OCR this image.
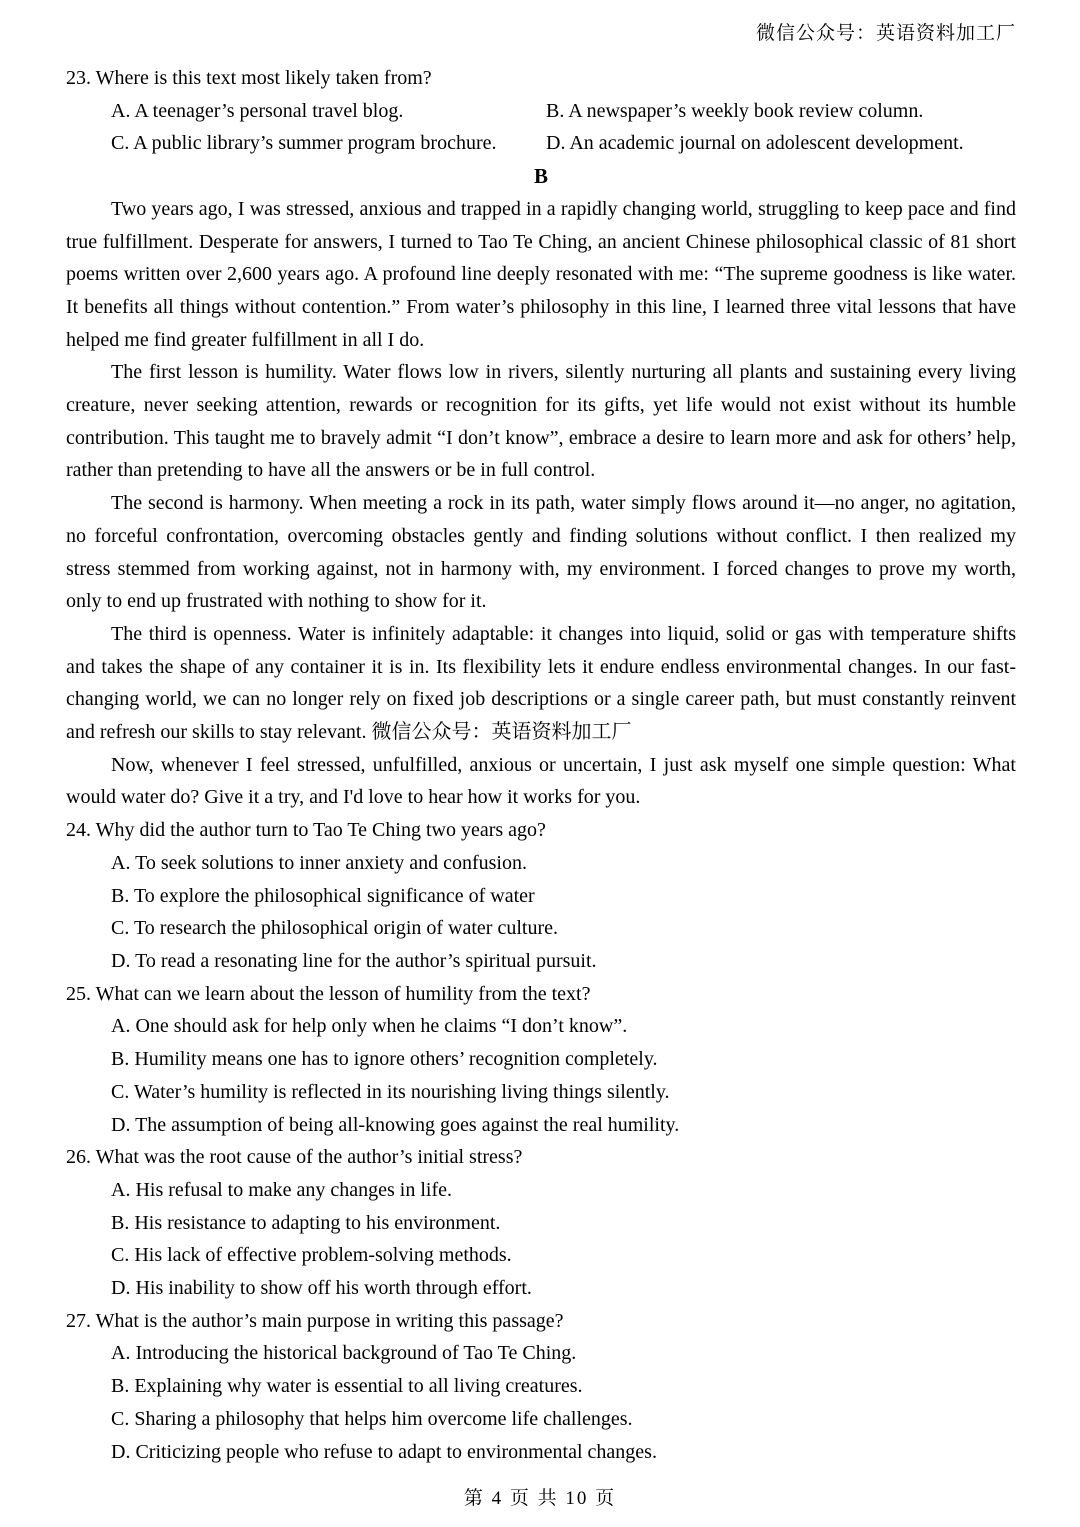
微信公众号：英语资料加工厂
23. Where is this text most likely taken from?
A. A teenager’s personal travel blog.	B. A newspaper’s weekly book review column.
C. A public library’s summer program brochure.	D. An academic journal on adolescent development.
B

Two years ago, I was stressed, anxious and trapped in a rapidly changing world, struggling to keep pace and find true fulfillment. Desperate for answers, I turned to Tao Te Ching, an ancient Chinese philosophical classic of 81 short poems written over 2,600 years ago. A profound line deeply resonated with me: “The supreme goodness is like water. It benefits all things without contention.” From water’s philosophy in this line, I learned three vital lessons that have helped me find greater fulfillment in all I do.

The first lesson is humility. Water flows low in rivers, silently nurturing all plants and sustaining every living creature, never seeking attention, rewards or recognition for its gifts, yet life would not exist without its humble contribution. This taught me to bravely admit “I don’t know”, embrace a desire to learn more and ask for others’ help, rather than pretending to have all the answers or be in full control.

The second is harmony. When meeting a rock in its path, water simply flows around it—no anger, no agitation, no forceful confrontation, overcoming obstacles gently and finding solutions without conflict. I then realized my stress stemmed from working against, not in harmony with, my environment. I forced changes to prove my worth, only to end up frustrated with nothing to show for it.

The third is openness. Water is infinitely adaptable: it changes into liquid, solid or gas with temperature shifts and takes the shape of any container it is in. Its flexibility lets it endure endless environmental changes. In our fast-changing world, we can no longer rely on fixed job descriptions or a single career path, but must constantly reinvent and refresh our skills to stay relevant. 微信公众号：英语资料加工厂

Now, whenever I feel stressed, unfulfilled, anxious or uncertain, I just ask myself one simple question: What would water do? Give it a try, and I'd love to hear how it works for you.

24. Why did the author turn to Tao Te Ching two years ago?
A. To seek solutions to inner anxiety and confusion.
B. To explore the philosophical significance of water
C. To research the philosophical origin of water culture.
D. To read a resonating line for the author’s spiritual pursuit.
25. What can we learn about the lesson of humility from the text?
A. One should ask for help only when he claims “I don’t know”.
B. Humility means one has to ignore others’ recognition completely.
C. Water’s humility is reflected in its nourishing living things silently.
D. The assumption of being all-knowing goes against the real humility.
26. What was the root cause of the author’s initial stress?
A. His refusal to make any changes in life.
B. His resistance to adapting to his environment.
C. His lack of effective problem-solving methods.
D. His inability to show off his worth through effort.
27. What is the author’s main purpose in writing this passage?
A. Introducing the historical background of Tao Te Ching.
B. Explaining why water is essential to all living creatures.
C. Sharing a philosophy that helps him overcome life challenges.
D. Criticizing people who refuse to adapt to environmental changes.
第 4 页 共 10 页
